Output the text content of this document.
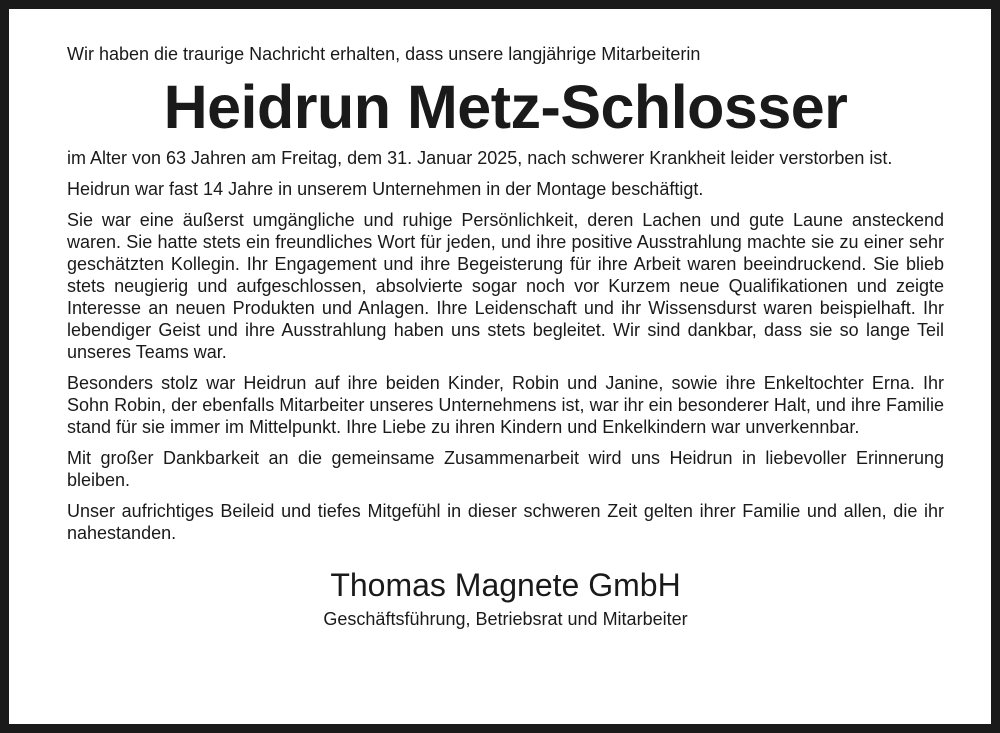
Wir haben die traurige Nachricht erhalten, dass unsere langjährige Mitarbeiterin

Heidrun Metz-Schlosser

im Alter von 63 Jahren am Freitag, dem 31. Januar 2025, nach schwerer Krankheit leider verstorben ist.

Heidrun war fast 14 Jahre in unserem Unternehmen in der Montage beschäftigt.

Sie war eine äußerst umgängliche und ruhige Persönlichkeit, deren Lachen und gute Laune ansteckend waren. Sie hatte stets ein freundliches Wort für jeden, und ihre positive Ausstrahlung machte sie zu einer sehr geschätzten Kollegin. Ihr Engagement und ihre Begeisterung für ihre Arbeit waren beeindruckend. Sie blieb stets neugierig und aufgeschlossen, absolvierte sogar noch vor Kurzem neue Qualifikationen und zeigte Interesse an neuen Produkten und Anlagen. Ihre Leidenschaft und ihr Wissensdurst waren beispielhaft. Ihr lebendiger Geist und ihre Ausstrahlung haben uns stets begleitet. Wir sind dankbar, dass sie so lange Teil unseres Teams war.

Besonders stolz war Heidrun auf ihre beiden Kinder, Robin und Janine, sowie ihre Enkeltochter Erna. Ihr Sohn Robin, der ebenfalls Mitarbeiter unseres Unternehmens ist, war ihr ein besonderer Halt, und ihre Familie stand für sie immer im Mittelpunkt. Ihre Liebe zu ihren Kindern und Enkelkindern war unverkennbar.

Mit großer Dankbarkeit an die gemeinsame Zusammenarbeit wird uns Heidrun in liebevoller Erinnerung bleiben.

Unser aufrichtiges Beileid und tiefes Mitgefühl in dieser schweren Zeit gelten ihrer Familie und allen, die ihr nahestanden.

Thomas Magnete GmbH
Geschäftsführung, Betriebsrat und Mitarbeiter
